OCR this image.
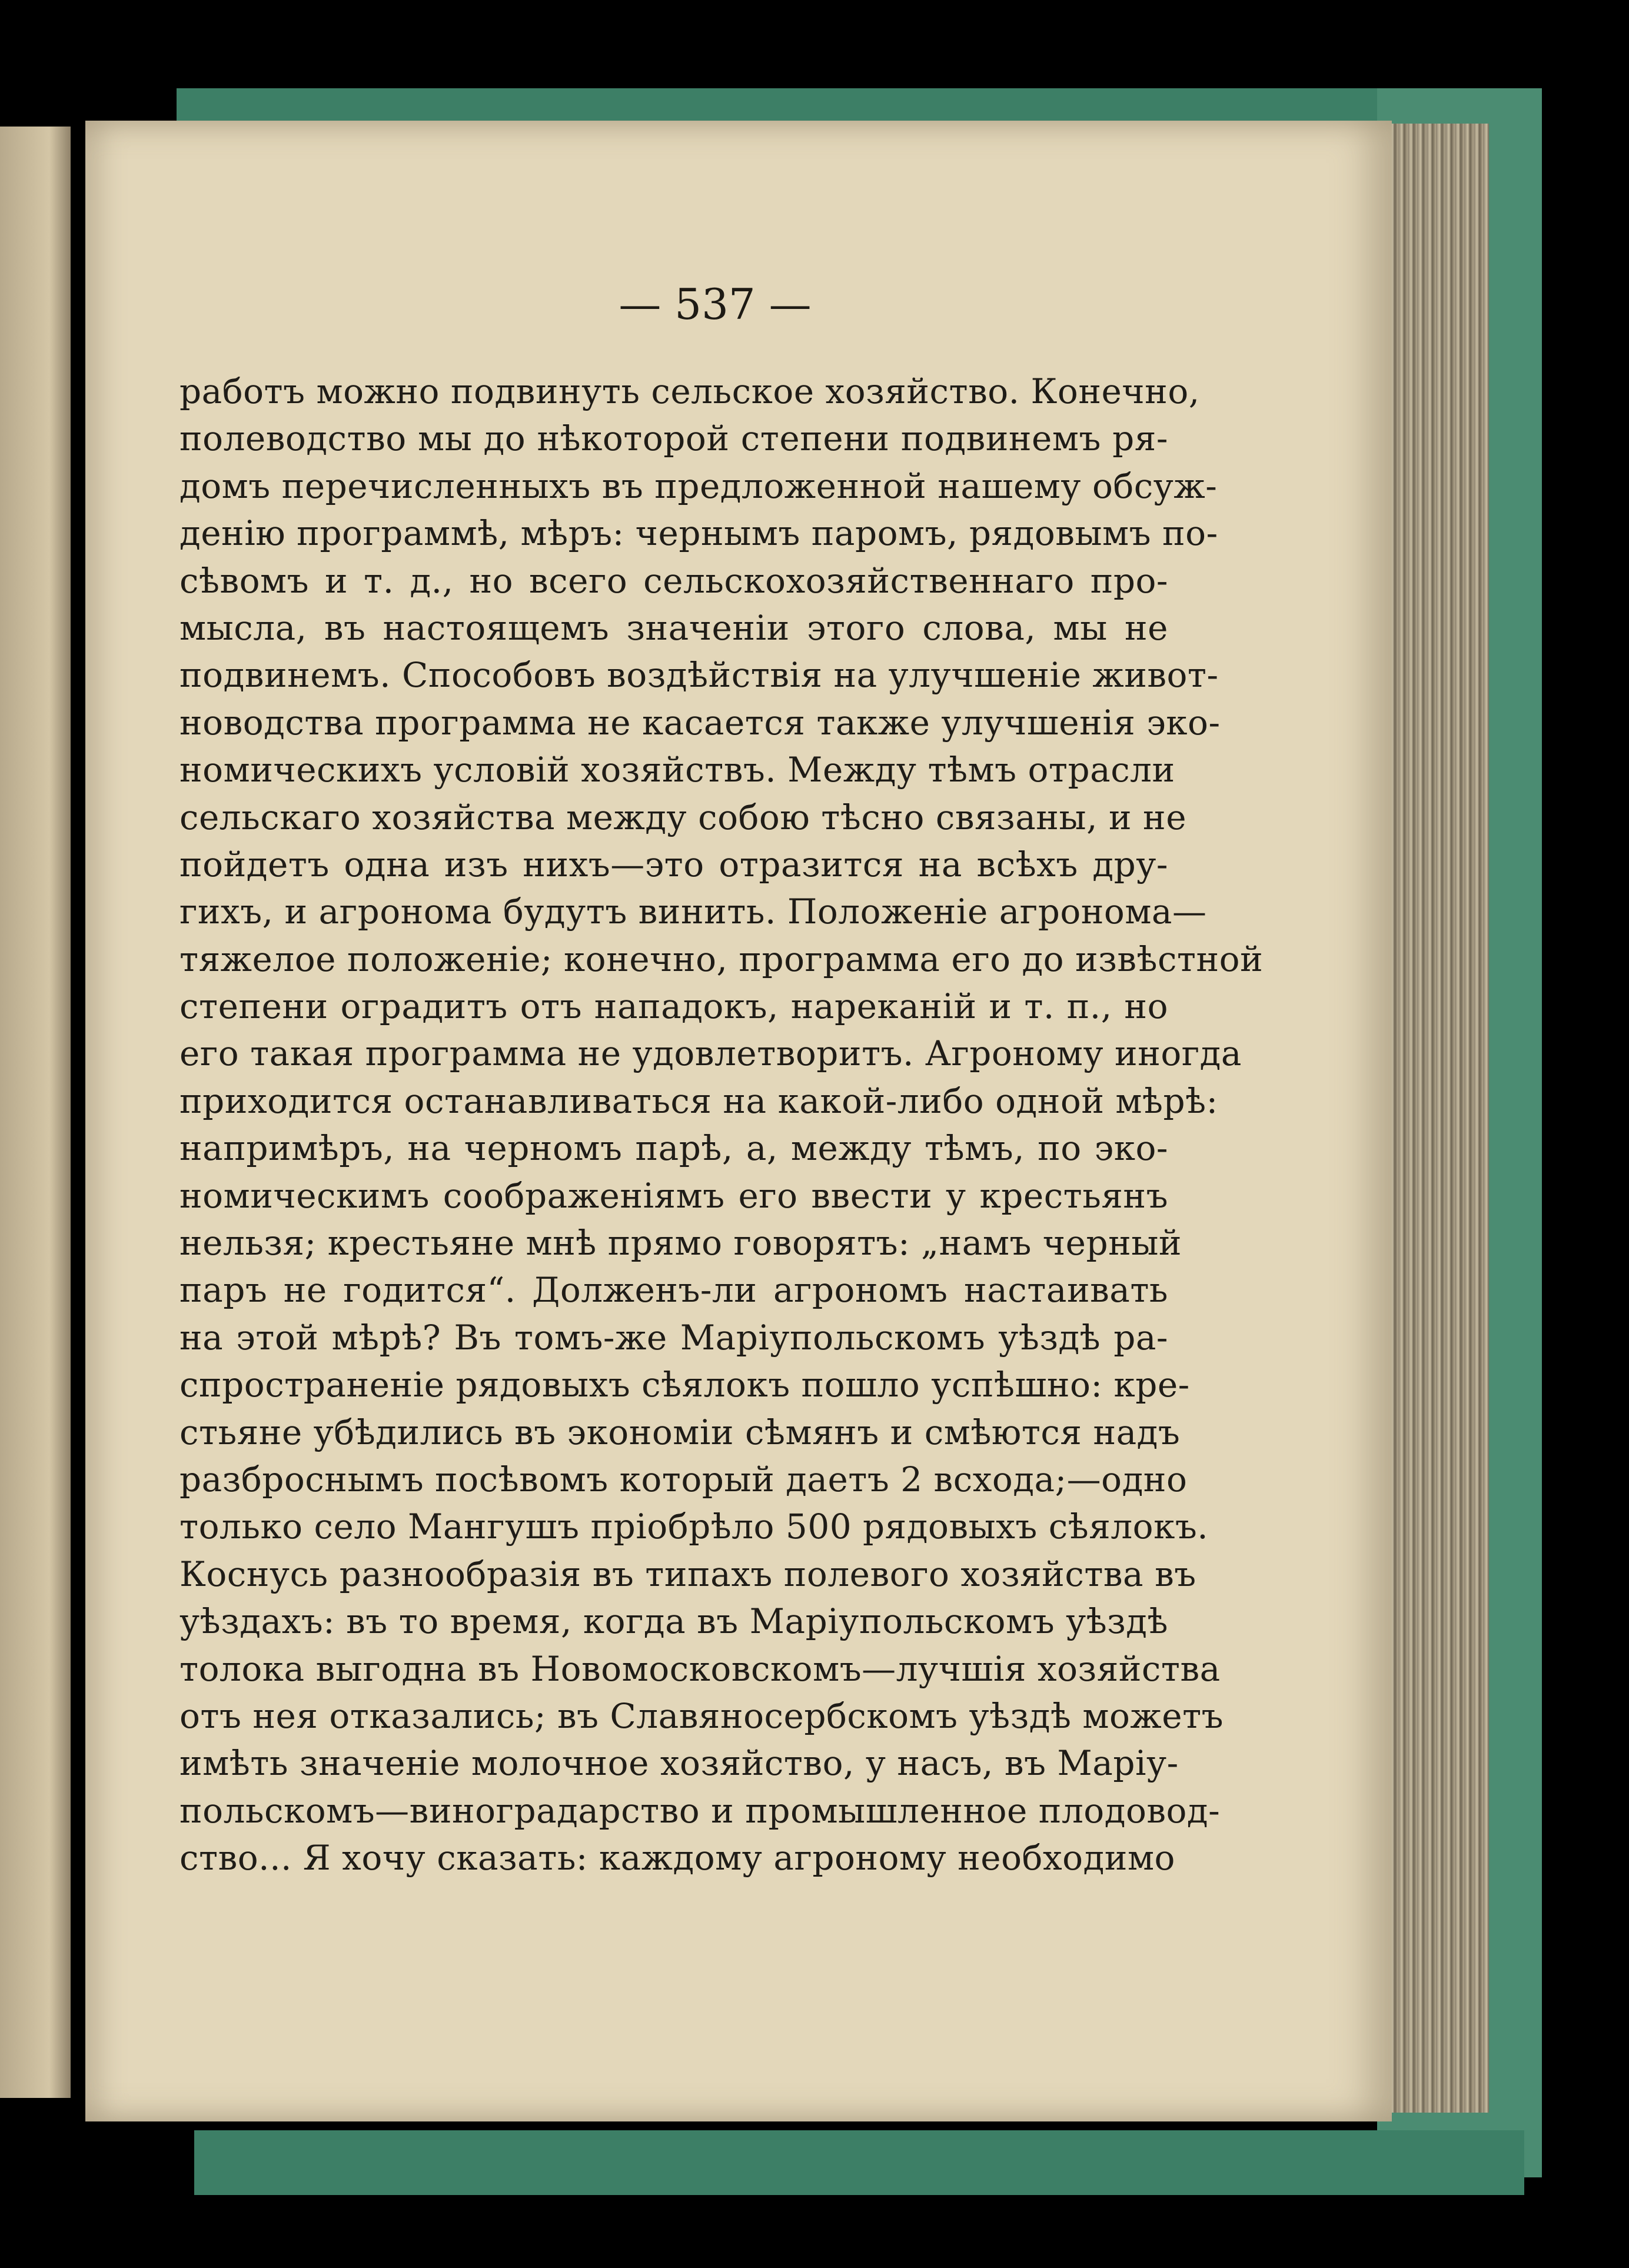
— 537 —
работъ можно подвинуть сельское хозяйство. Конечно,
полеводство мы до нѣкоторой степени подвинемъ ря-
домъ перечисленныхъ въ предложенной нашему обсуж-
денію программѣ, мѣръ: чернымъ паромъ, рядовымъ по-
сѣвомъ и т. д., но всего сельскохозяйственнаго про-
мысла, въ настоящемъ значеніи этого слова, мы не
подвинемъ. Способовъ воздѣйствія на улучшеніе живот-
новодства программа не касается также улучшенія эко-
номическихъ условій хозяйствъ. Между тѣмъ отрасли
сельскаго хозяйства между собою тѣсно связаны, и не
пойдетъ одна изъ нихъ—это отразится на всѣхъ дру-
гихъ, и агронома будутъ винить. Положеніе агронома—
тяжелое положеніе; конечно, программа его до извѣстной
степени оградитъ отъ нападокъ, нареканій и т. п., но
его такая программа не удовлетворитъ. Агроному иногда
приходится останавливаться на какой-либо одной мѣрѣ:
напримѣръ, на черномъ парѣ, а, между тѣмъ, по эко-
номическимъ соображеніямъ его ввести у крестьянъ
нельзя; крестьяне мнѣ прямо говорятъ: „намъ черный
паръ не годится“. Долженъ-ли агрономъ настаивать
на этой мѣрѣ? Въ томъ-же Маріупольскомъ уѣздѣ ра-
спространеніе рядовыхъ сѣялокъ пошло успѣшно: кре-
стьяне убѣдились въ экономіи сѣмянъ и смѣются надъ
разброснымъ посѣвомъ который даетъ 2 всхода;—одно
только село Мангушъ пріобрѣло 500 рядовыхъ сѣялокъ.
Коснусь разнообразія въ типахъ полевого хозяйства въ
уѣздахъ: въ то время, когда въ Маріупольскомъ уѣздѣ
толока выгодна въ Новомосковскомъ—лучшія хозяйства
отъ нея отказались; въ Славяносербскомъ уѣздѣ можетъ
имѣть значеніе молочное хозяйство, у насъ, въ Маріу-
польскомъ—виноградарство и промышленное плодовод-
ство... Я хочу сказать: каждому агроному необходимо
